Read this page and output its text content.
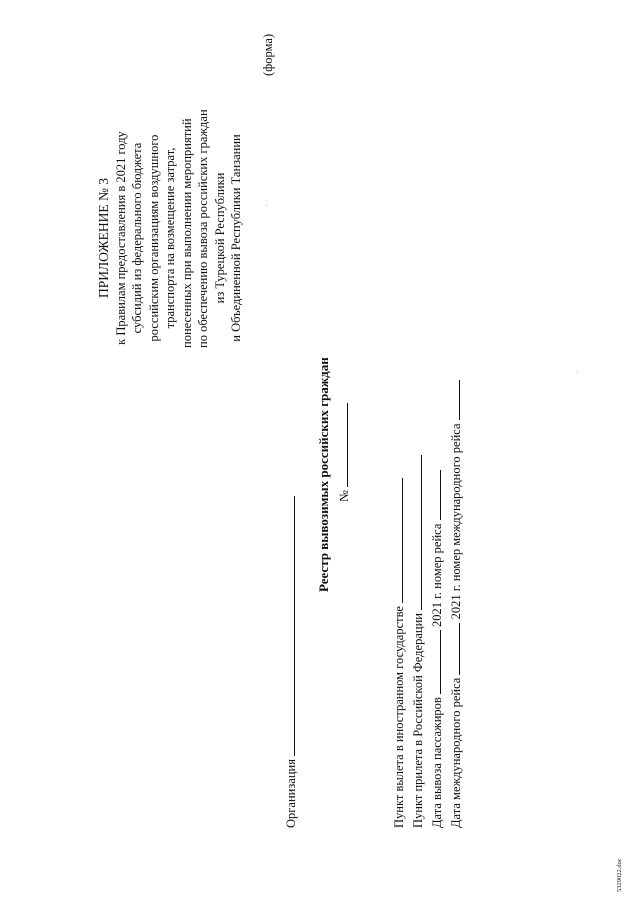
ПРИЛОЖЕНИЕ № 3 к Правилам предоставления в 2021 году субсидий из федерального бюджета российским организациям воздушного транспорта на возмещение затрат, понесенных при выполнении мероприятий по обеспечению вывоза российских граждан из Турецкой Республики и Объединенной Республики Танзании
(форма)
Организация
Реестр вывозимых российских граждан №
Пункт вылета в иностранном государстве Пункт прилета в Российской Федерации Дата вывоза пассажиров  2021 г. номер рейса
Дата международного рейса  2021 г. номер международного рейса
5329022.doc
